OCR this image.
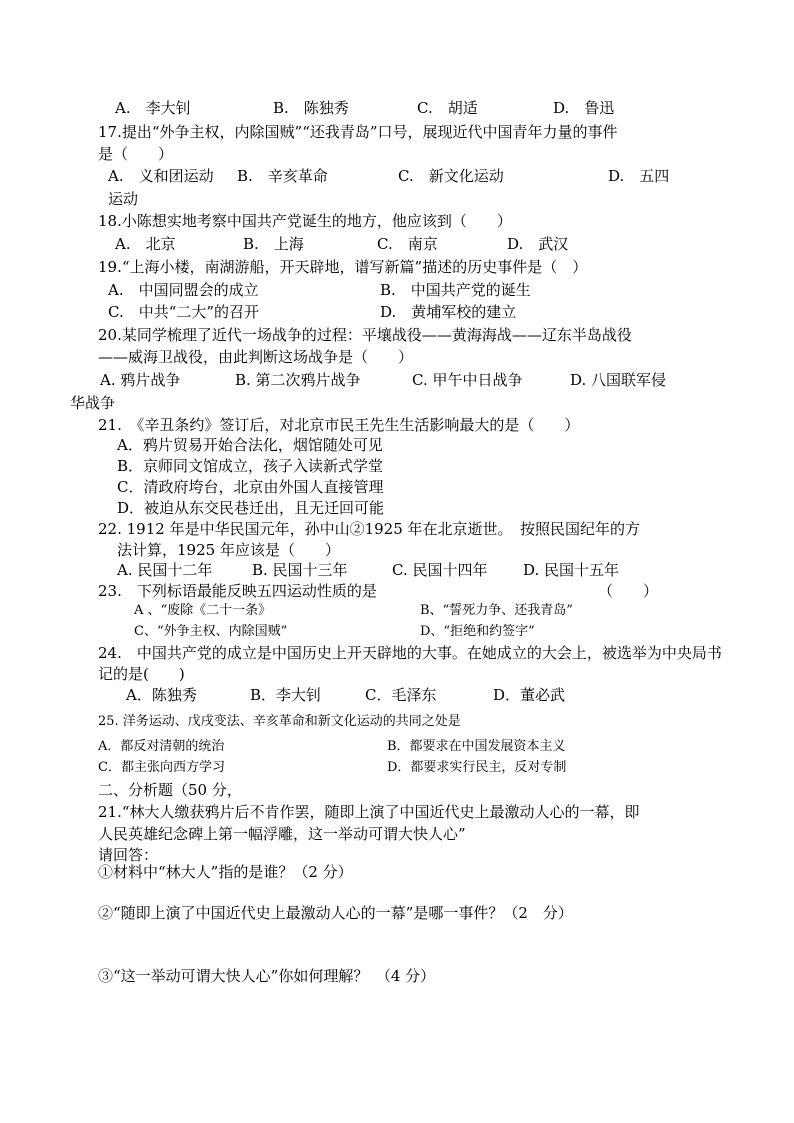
A.　李大钊	B.　陈独秀	C.　胡适	D.　鲁迅
17.提出“外争主权，内除国贼”“还我青岛”口号，展现近代中国青年力量的事件
是（　　）
A.　义和团运动 B.　辛亥革命	C.　新文化运动	D.　五四
运动
18.小陈想实地考察中国共产党诞生的地方，他应该到（　　）
A.　北京	B.　上海	C.　南京	D.　武汉
19.“上海小楼，南湖游船，开天辟地，谱写新篇”描述的历史事件是（　）
A.　中国同盟会的成立	B.　中国共产党的诞生
C.　中共“二大”的召开	D.　黄埔军校的建立
20.某同学梳理了近代一场战争的过程：平壤战役——黄海海战——辽东半岛战役
——威海卫战役，由此判断这场战争是（　　）
A. 鸦片战争	B. 第二次鸦片战争	C. 甲午中日战争	D. 八国联军侵
华战争
21.　《辛丑条约》签订后，对北京市民王先生生活影响最大的是（　　）
A．鸦片贸易开始合法化，烟馆随处可见
B．京师同文馆成立，孩子入读新式学堂
C．清政府垮台，北京由外国人直接管理
D．被迫从东交民巷迁出，且无迁回可能
22. 1912 年是中华民国元年，孙中山②1925 年在北京逝世。　按照民国纪年的方
法计算，1925 年应该是（　　）
A. 民国十二年	B. 民国十三年	C. 民国十四年 D. 民国十五年
23.　下列标语最能反映五四运动性质的是	（　　）
A 、“废除《二十一条》	B、“誓死力争、还我青岛”
C、“外争主权、内除国贼”	D、“拒绝和约签字”
24.　中国共产党的成立是中国历史上开天辟地的大事。在她成立的大会上，被选举为中央局书
记的是(　　)
A．陈独秀	B．李大钊	C．毛泽东	D．董必武
25. 洋务运动、戊戌变法、辛亥革命和新文化运动的共同之处是
A．都反对清朝的统治	B．都要求在中国发展资本主义
C．都主张向西方学习	D．都要求实行民主，反对专制
二、分析题（50 分，
21.“林大人缴获鸦片后不肯作罢，随即上演了中国近代史上最激动人心的一幕，即
人民英雄纪念碑上第一幅浮雕，这一举动可谓大快人心”
请回答：
①材料中“林大人”指的是谁？（2 分）
②“随即上演了中国近代史上最激动人心的一幕”是哪一事件？（2　分）
③“这一举动可谓大快人心”你如何理解？　（4 分）
